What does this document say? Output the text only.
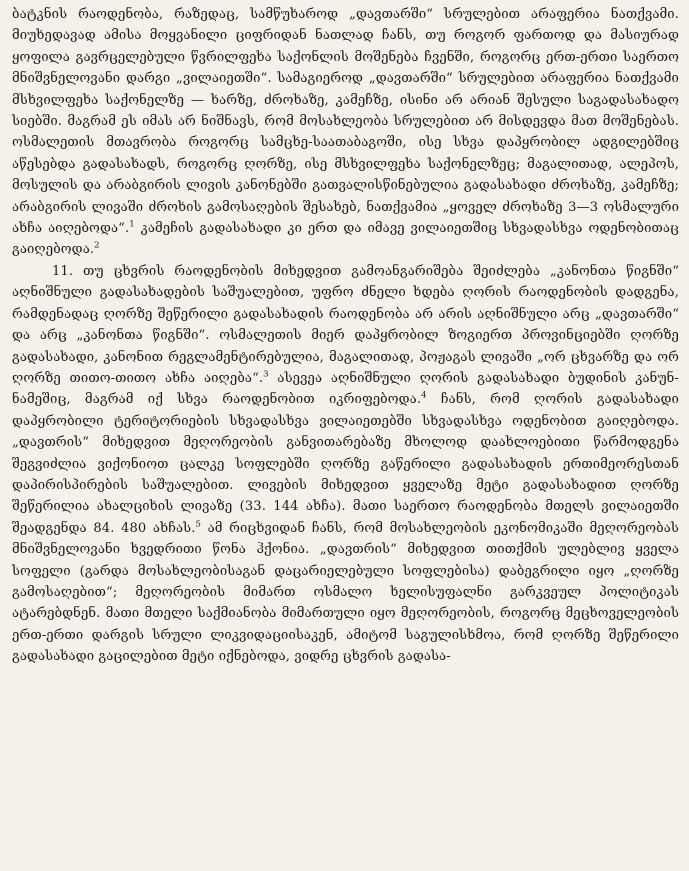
ბატკნის რაოდენობა, რაზედაც, სამწუხაროდ „დავთარში“ სრულებით არაფერია ნათქვამი. მიუხედავად ამისა მოყვანილი ციფრიდან ნათლად ჩანს, თუ როგორ ფართოდ და მასიურად ყოფილა გავრცელებული წვრილფეხა საქონლის მოშენება ჩვენში, როგორც ერთ-ერთი საერთო მნიშვნელოვანი დარგი „ვილაიეთში“. სამაგიეროდ „დავთარში“ სრულებით არაფერია ნათქვამი მსხვილფეხა საქონელზე — ხარზე, ძროხაზე, კამეჩზე, ისინი არ არიან შესული საგადასახადო სიებში. მაგრამ ეს იმას არ ნიშნავს, რომ მოსახლეობა სრულებით არ მისდევდა მათ მოშენებას. ოსმალეთის მთავრობა როგორც სამცხე-საათაბაგოში, ისე სხვა დაპყრობილ ადგილებშიც აწესებდა გადასახადს, როგორც ღორზე, ისე მსხვილფეხა საქონელზეც; მაგალითად, ალეპოს, მოსულის და არაბგირის ლივის კანონებში გათვალისწინებულია გადასახადი ძროხაზე, კამეჩზე; არაბგირის ლივაში ძროხის გამოსაღების შესახებ, ნათქვამია „ყოველ ძროხაზე 3—3 ოსმალური ახჩა აიღებოდა“.$^1$ კამეჩის გადასახადი კი ერთ და იმავე ვილაიეთშიც სხვადასხვა ოდენობითაც გაიღებოდა.$^2$

11. თუ ცხვრის რაოდენობის მიხედვით გამოანგარიშება შეიძლება „კანონთა წიგნში“ აღნიშნული გადასახადების საშუალებით, უფრო ძნელი ხდება ღორის რაოდენობის დადგენა, რამდენადაც ღორზე შეწერილი გადასახადის რაოდენობა არ არის აღნიშნული არც „დავთარში“ და არც „კანონთა წიგნში“. ოსმალეთის მიერ დაპყრობილ ზოგიერთ პროვინციებში ღორზე გადასახადი, კანონით რეგლამენტირებულია, მაგალითად, პოჟაგას ლივაში „ორ ცხვარზე და ორ ღორზე თითო-თითო ახჩა აიღება“.$^3$ ასევეა აღნიშნული ღორის გადასახადი ბუდინის კანუნ-ნამეშიც, მაგრამ იქ სხვა რაოდენობით იკრიფებოდა.$^4$ ჩანს, რომ ღორის გადასახადი დაპყრობილი ტერიტორიების სხვადასხვა ვილაიეთებში სხვადასხვა ოდენობით გაიღებოდა. „დავთრის“ მიხედვით მეღორეობის განვითარებაზე მხოლოდ დაახლოებითი წარმოდგენა შეგვიძლია ვიქონიოთ ცალკე სოფლებში ღორზე გაწერილი გადასახადის ერთიმეორესთან დაპირისპირების საშუალებით. ლივების მიხედვით ყველაზე მეტი გადასახადით ღორზე შეწერილია ახალციხის ლივაზე (33. 144 ახჩა). მათი საერთო რაოდენობა მთელს ვილაიეთში შეადგენდა 84. 480 ახჩას.$^5$ ამ რიცხვიდან ჩანს, რომ მოსახლეობის ეკონომიკაში მეღორეობას მნიშვნელოვანი ხვედრითი წონა ჰქონია. „დავთრის“ მიხედვით თითქმის ულებლივ ყველა სოფელი (გარდა მოსახლეობისაგან დაცარიელებული სოფლებისა) დაბეგრილი იყო „ღორზე გამოსაღებით“; მეღორეობის მიმართ ოსმალო ხელისუფალნი გარკვეულ პოლიტიკას ატარებდნენ. მათი მთელი საქმიანობა მიმართული იყო მეღორეობის, როგორც მეცხოველეობის ერთ-ერთი დარგის სრული ლიკვიდაციისაკენ, ამიტომ საგულისხმოა, რომ ღორზე შეწერილი გადასახადი გაცილებით მეტი იქნებოდა, ვიდრე ცხვრის გადასა-
